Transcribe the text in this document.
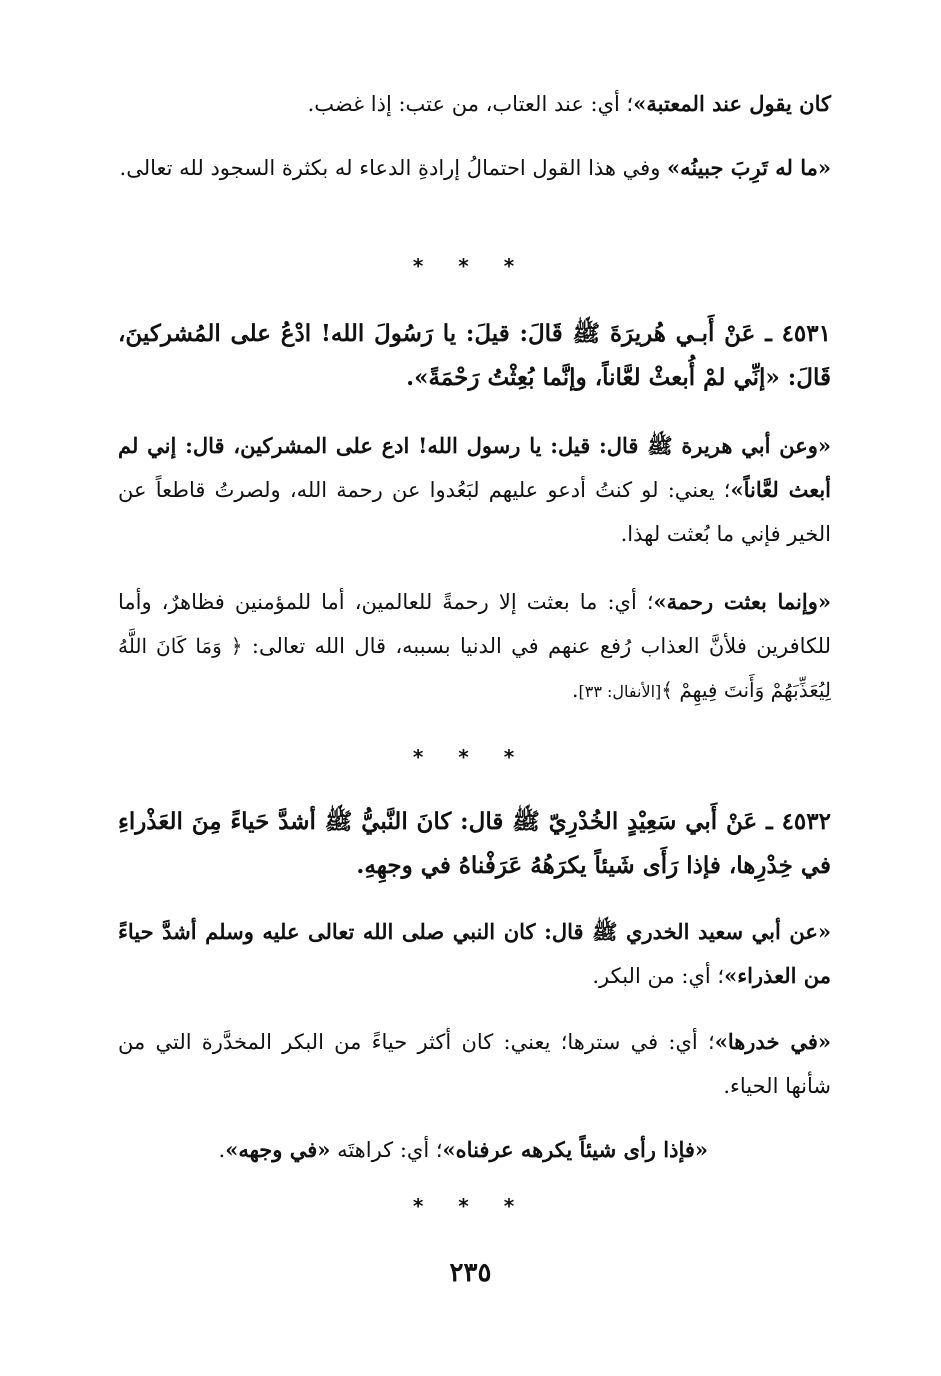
كان يقول عند المعتبة»؛ أي: عند العتاب، من عتب: إذا غضب.

«ما له تَرِبَ جبينُه» وفي هذا القول احتمالُ إرادةِ الدعاء له بكثرة السجود لله تعالى.

* * *

٤٥٣١ ـ عَنْ أَبـي هُريرَةَ ﷺ قَالَ: قيلَ: يا رَسُولَ الله! ادْعُ على المُشركينَ، قَالَ: «إنِّي لمْ أُبعثْ لعَّاناً، وإنَّما بُعِثْتُ رَحْمَةً».

«وعن أبي هريرة ﷺ قال: قيل: يا رسول الله! ادع على المشركين، قال: إني لم أبعث لعَّاناً»؛ يعني: لو كنتُ أدعو عليهم لبَعُدوا عن رحمة الله، ولصرتُ قاطعاً عن الخير فإني ما بُعثت لهذا.

«وإنما بعثت رحمة»؛ أي: ما بعثت إلا رحمةً للعالمين، أما للمؤمنين فظاهرٌ، وأما للكافرين فلأنَّ العذاب رُفع عنهم في الدنيا بسببه، قال الله تعالى: ﴿ وَمَا كَانَ اللَّهُ لِيُعَذِّبَهُمْ وَأَنتَ فِيهِمْ ﴾[الأنفال: ٣٣].

* * *

٤٥٣٢ ـ عَنْ أَبي سَعِيْدٍ الخُدْرِيّ ﷺ قال: كانَ النَّبيُّ ﷺ أشدَّ حَياءً مِنَ العَذْراءِ في خِدْرِها، فإذا رَأَى شَيئاً يكرَهُهُ عَرَفْناهُ في وجهِهِ.

«عن أبي سعيد الخدري ﷺ قال: كان النبي صلى الله تعالى عليه وسلم أشدَّ حياءً من العذراء»؛ أي: من البكر.

«في خدرها»؛ أي: في سترها؛ يعني: كان أكثر حياءً من البكر المخدَّرة التي من شأنها الحياء.

«فإذا رأى شيئاً يكرهه عرفناه»؛ أي: كراهتَه «في وجهه».

* * *
٢٣٥
